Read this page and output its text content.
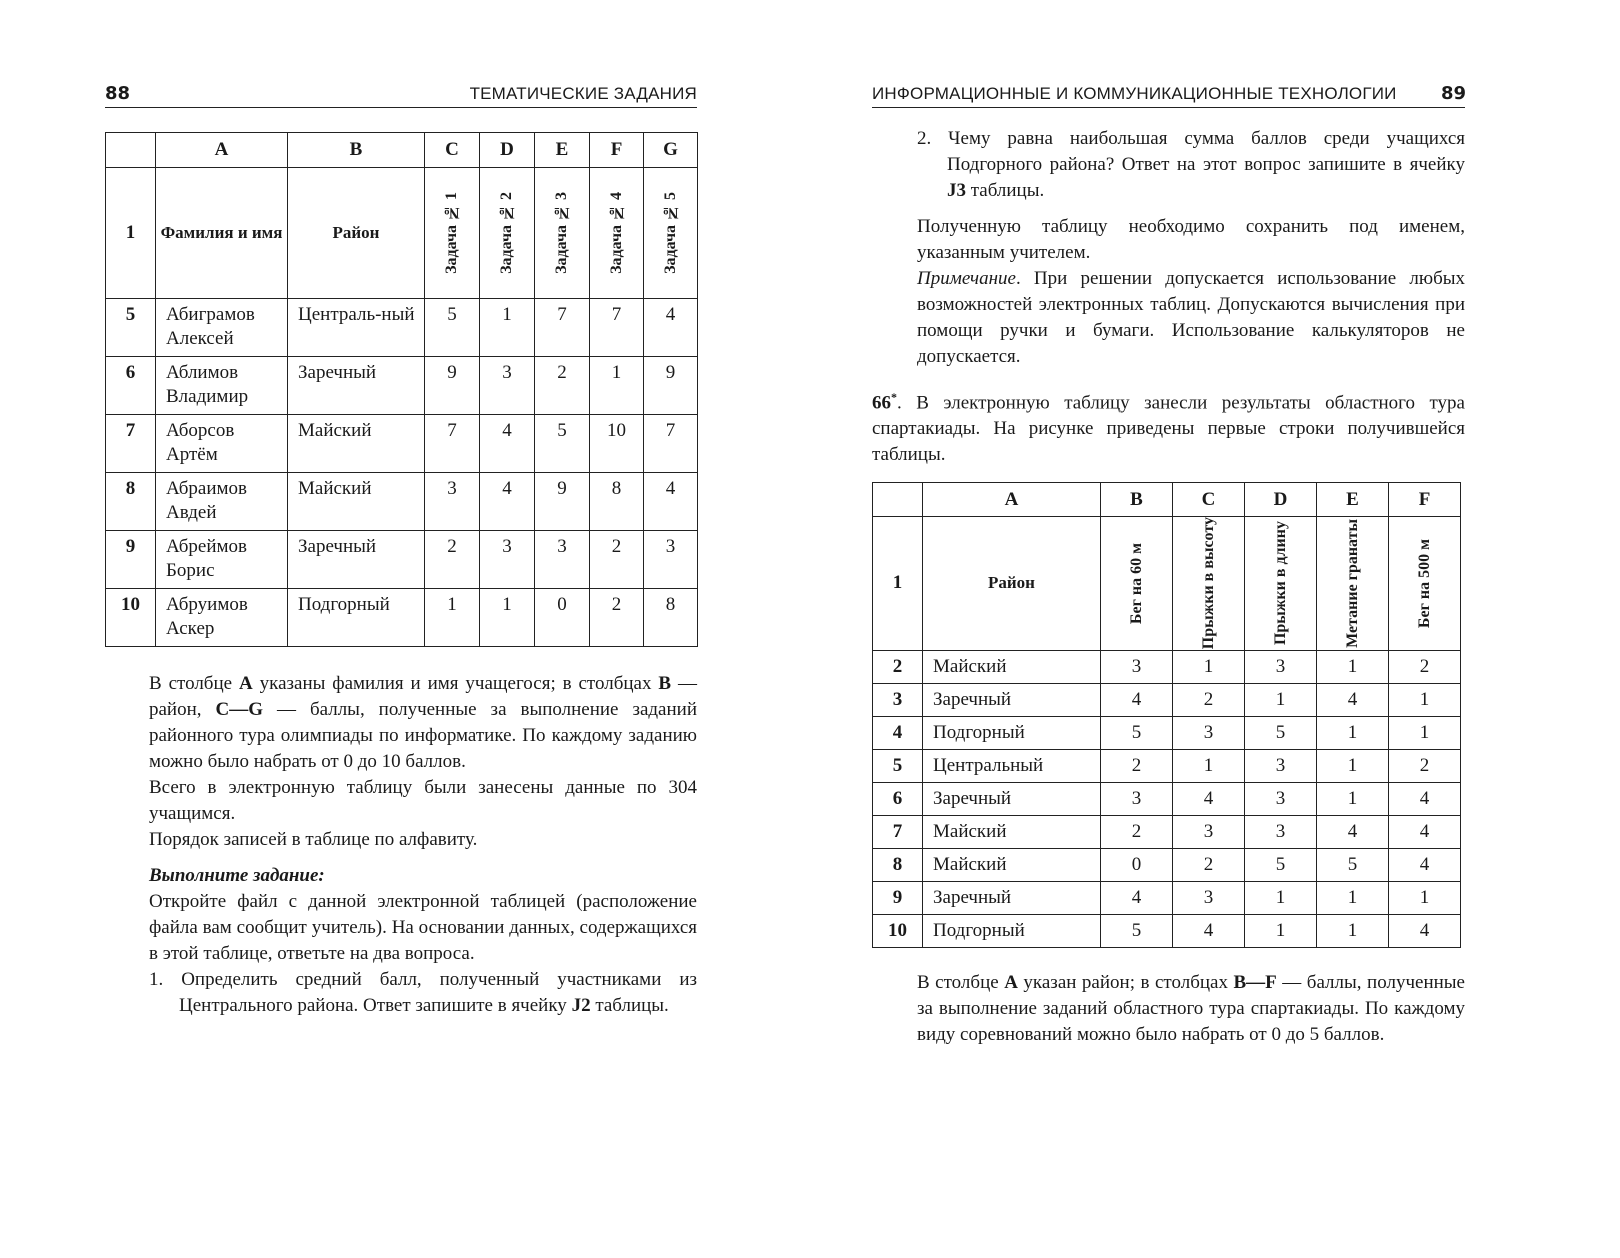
88	ТЕМАТИЧЕСКИЕ ЗАДАНИЯ
	A	B	C	D	E	F	G
1	Фамилия и имя	Район	Задача № 1	Задача № 2	Задача № 3	Задача № 4	Задача № 5

5	Абиграмов Алексей	Централь-ный	5	1	7	7	4
6	Аблимов Владимир	Заречный	9	3	2	1	9
7	Аборсов Артём	Майский	7	4	5	10	7
8	Абраимов Авдей	Майский	3	4	9	8	4
9	Абреймов Борис	Заречный	2	3	3	2	3
10	Абруимов Аскер	Подгорный	1	1	0	2	8

В столбце A указаны фамилия и имя учащегося; в столбцах B — район, C—G — баллы, полученные за выполнение заданий районного тура олимпиады по информатике. По каждому заданию можно было набрать от 0 до 10 баллов.

Всего в электронную таблицу были занесены данные по 304 учащимся.

Порядок записей в таблице по алфавиту.

Выполните задание:

Откройте файл с данной электронной таблицей (расположение файла вам сообщит учитель). На основании данных, содержащихся в этой таблице, ответьте на два вопроса.

1. Определить средний балл, полученный участниками из Центрального района. Ответ запишите в ячейку J2 таблицы.

ИНФОРМАЦИОННЫЕ И КОММУНИКАЦИОННЫЕ ТЕХНОЛОГИИ 89

2. Чему равна наибольшая сумма баллов среди учащихся Подгорного района? Ответ на этот вопрос запишите в ячейку J3 таблицы.

Полученную таблицу необходимо сохранить под именем, указанным учителем.

Примечание. При решении допускается использование любых возможностей электронных таблиц. Допускаются вычисления при помощи ручки и бумаги. Использование калькуляторов не допускается.

66*. В электронную таблицу занесли результаты областного тура спартакиады. На рисунке приведены первые строки получившейся таблицы.
	A	B	C	D	E	F
1	Район	Бег на 60 м	Прыжки в высоту	Прыжки в длину	Метание гранаты	Бег на 500 м

2	Майский	3	1	3	1	2
3	Заречный	4	2	1	4	1
4	Подгорный	5	3	5	1	1
5	Центральный	2	1	3	1	2
6	Заречный	3	4	3	1	4
7	Майский	2	3	3	4	4
8	Майский	0	2	5	5	4
9	Заречный	4	3	1	1	1
10	Подгорный	5	4	1	1	4

В столбце A указан район; в столбцах B—F — баллы, полученные за выполнение заданий областного тура спартакиады. По каждому виду соревнований можно было набрать от 0 до 5 баллов.
